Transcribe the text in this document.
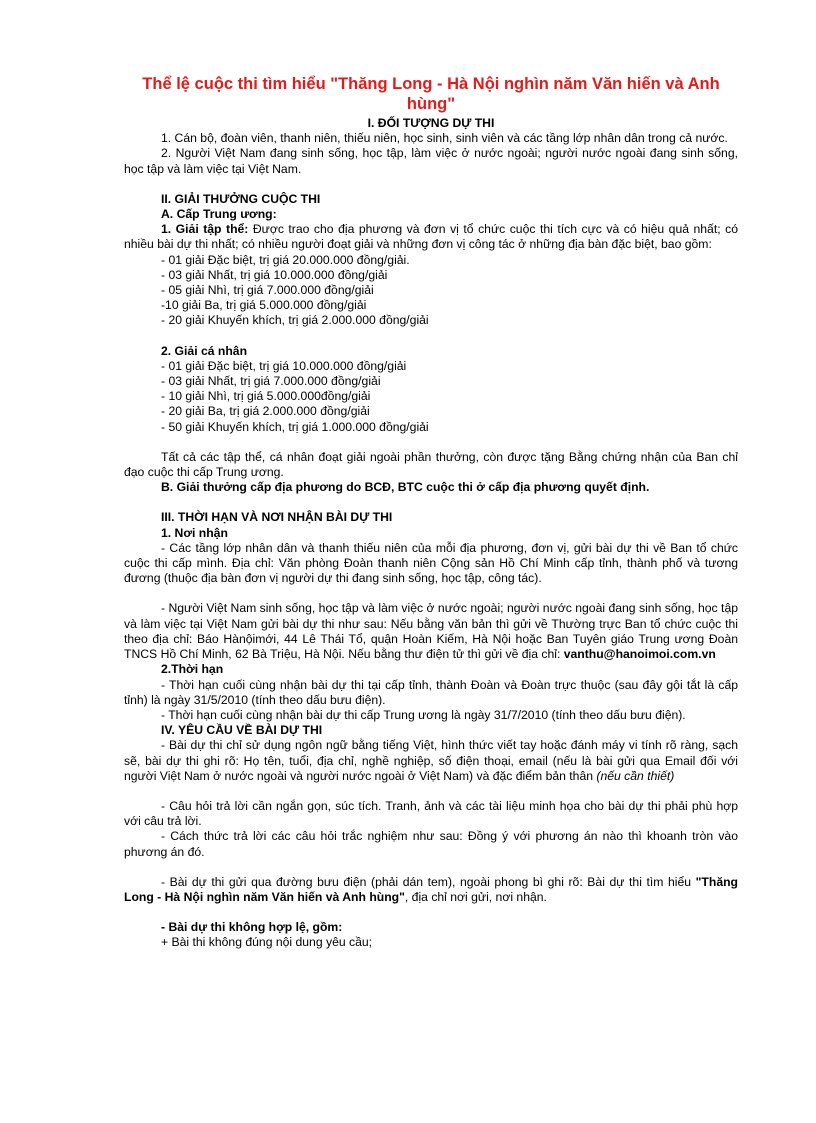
Thể lệ cuộc thi tìm hiểu "Thăng Long - Hà Nội nghìn năm Văn hiến và Anh hùng"
I. ĐỐI TƯỢNG DỰ THI

1. Cán bộ, đoàn viên, thanh niên, thiếu niên, học sinh, sinh viên và các tầng lớp nhân dân trong cả nước.

2. Người Việt Nam đang sinh sống, học tập, làm việc ở nước ngoài; người nước ngoài đang sinh sống, học tập và làm việc tại Việt Nam.

II. GIẢI THƯỞNG CUỘC THI
A. Cấp Trung ương:

1. Giải tập thể: Được trao cho địa phương và đơn vị tổ chức cuộc thi tích cực và có hiệu quả nhất; có nhiều bài dự thi nhất; có nhiều người đoạt giải và những đơn vị công tác ở những địa bàn đặc biệt, bao gồm:

- 01 giải Đặc biệt, trị giá 20.000.000 đồng/giải.
- 03 giải Nhất, trị giá 10.000.000 đồng/giải
- 05 giải Nhì, trị giá 7.000.000 đồng/giải
-10 giải Ba, trị giá 5.000.000 đồng/giải
- 20 giải Khuyến khích, trị giá 2.000.000 đồng/giải
2. Giải cá nhân
- 01 giải Đặc biệt, trị giá 10.000.000 đồng/giải
- 03 giải Nhất, trị giá 7.000.000 đồng/giải
- 10 giải Nhì, trị giá 5.000.000đồng/giải
- 20 giải Ba, trị giá 2.000.000 đồng/giải
- 50 giải Khuyến khích, trị giá 1.000.000 đồng/giải

Tất cả các tập thể, cá nhân đoạt giải ngoài phần thưởng, còn được tặng Bằng chứng nhận của Ban chỉ đạo cuộc thi cấp Trung ương.

B. Giải thưởng cấp địa phương do BCĐ, BTC cuộc thi ở cấp địa phương quyết định.

III. THỜI HẠN VÀ NƠI NHẬN BÀI DỰ THI
1. Nơi nhận

- Các tầng lớp nhân dân và thanh thiếu niên của mỗi địa phương, đơn vị, gửi bài dự thi về Ban tổ chức cuộc thi cấp mình. Địa chỉ: Văn phòng Đoàn thanh niên Cộng sản Hồ Chí Minh cấp tỉnh, thành phố và tương đương (thuộc địa bàn đơn vị người dự thi đang sinh sống, học tập, công tác).

- Người Việt Nam sinh sống, học tập và làm việc ở nước ngoài; người nước ngoài đang sinh sống, học tập và làm việc tại Việt Nam gửi bài dự thi như sau: Nếu bằng văn bản thì gửi về Thường trực Ban tổ chức cuộc thi theo địa chỉ: Báo Hànộimới, 44 Lê Thái Tổ, quận Hoàn Kiếm, Hà Nội hoặc Ban Tuyên giáo Trung ương Đoàn TNCS Hồ Chí Minh, 62 Bà Triệu, Hà Nội. Nếu bằng thư điện tử thì gửi về địa chỉ: vanthu@hanoimoi.com.vn

2.Thời hạn

- Thời hạn cuối cùng nhận bài dự thi tại cấp tỉnh, thành Đoàn và Đoàn trực thuộc (sau đây gội tắt là cấp tỉnh) là ngày 31/5/2010 (tính theo dấu bưu điện).

- Thời hạn cuối cùng nhận bài dự thi cấp Trung ương là ngày 31/7/2010 (tính theo dấu bưu điện).

IV. YÊU CẦU VỀ BÀI DỰ THI

- Bài dự thi chỉ sử dụng ngôn ngữ bằng tiếng Việt, hình thức viết tay hoặc đánh máy vi tính rõ ràng, sạch sẽ, bài dự thi ghi rõ: Họ tên, tuổi, địa chỉ, nghề nghiệp, số điện thoại, email (nếu là bài gửi qua Email đối với người Việt Nam ở nước ngoài và người nước ngoài ở Việt Nam) và đặc điểm bản thân (nếu cần thiết)

- Câu hỏi trả lời cần ngắn gọn, súc tích. Tranh, ảnh và các tài liệu minh họa cho bài dự thi phải phù hợp với câu trả lời.

- Cách thức trả lời các câu hỏi trắc nghiệm như sau: Đồng ý với phương án nào thì khoanh tròn vào phương án đó.

- Bài dự thi gửi qua đường bưu điện (phải dán tem), ngoài phong bì ghi rõ: Bài dự thi tìm hiểu "Thăng Long - Hà Nội nghìn năm Văn hiến và Anh hùng", địa chỉ nơi gửi, nơi nhận.

- Bài dự thi không hợp lệ, gồm:
+ Bài thi không đúng nội dung yêu cầu;
